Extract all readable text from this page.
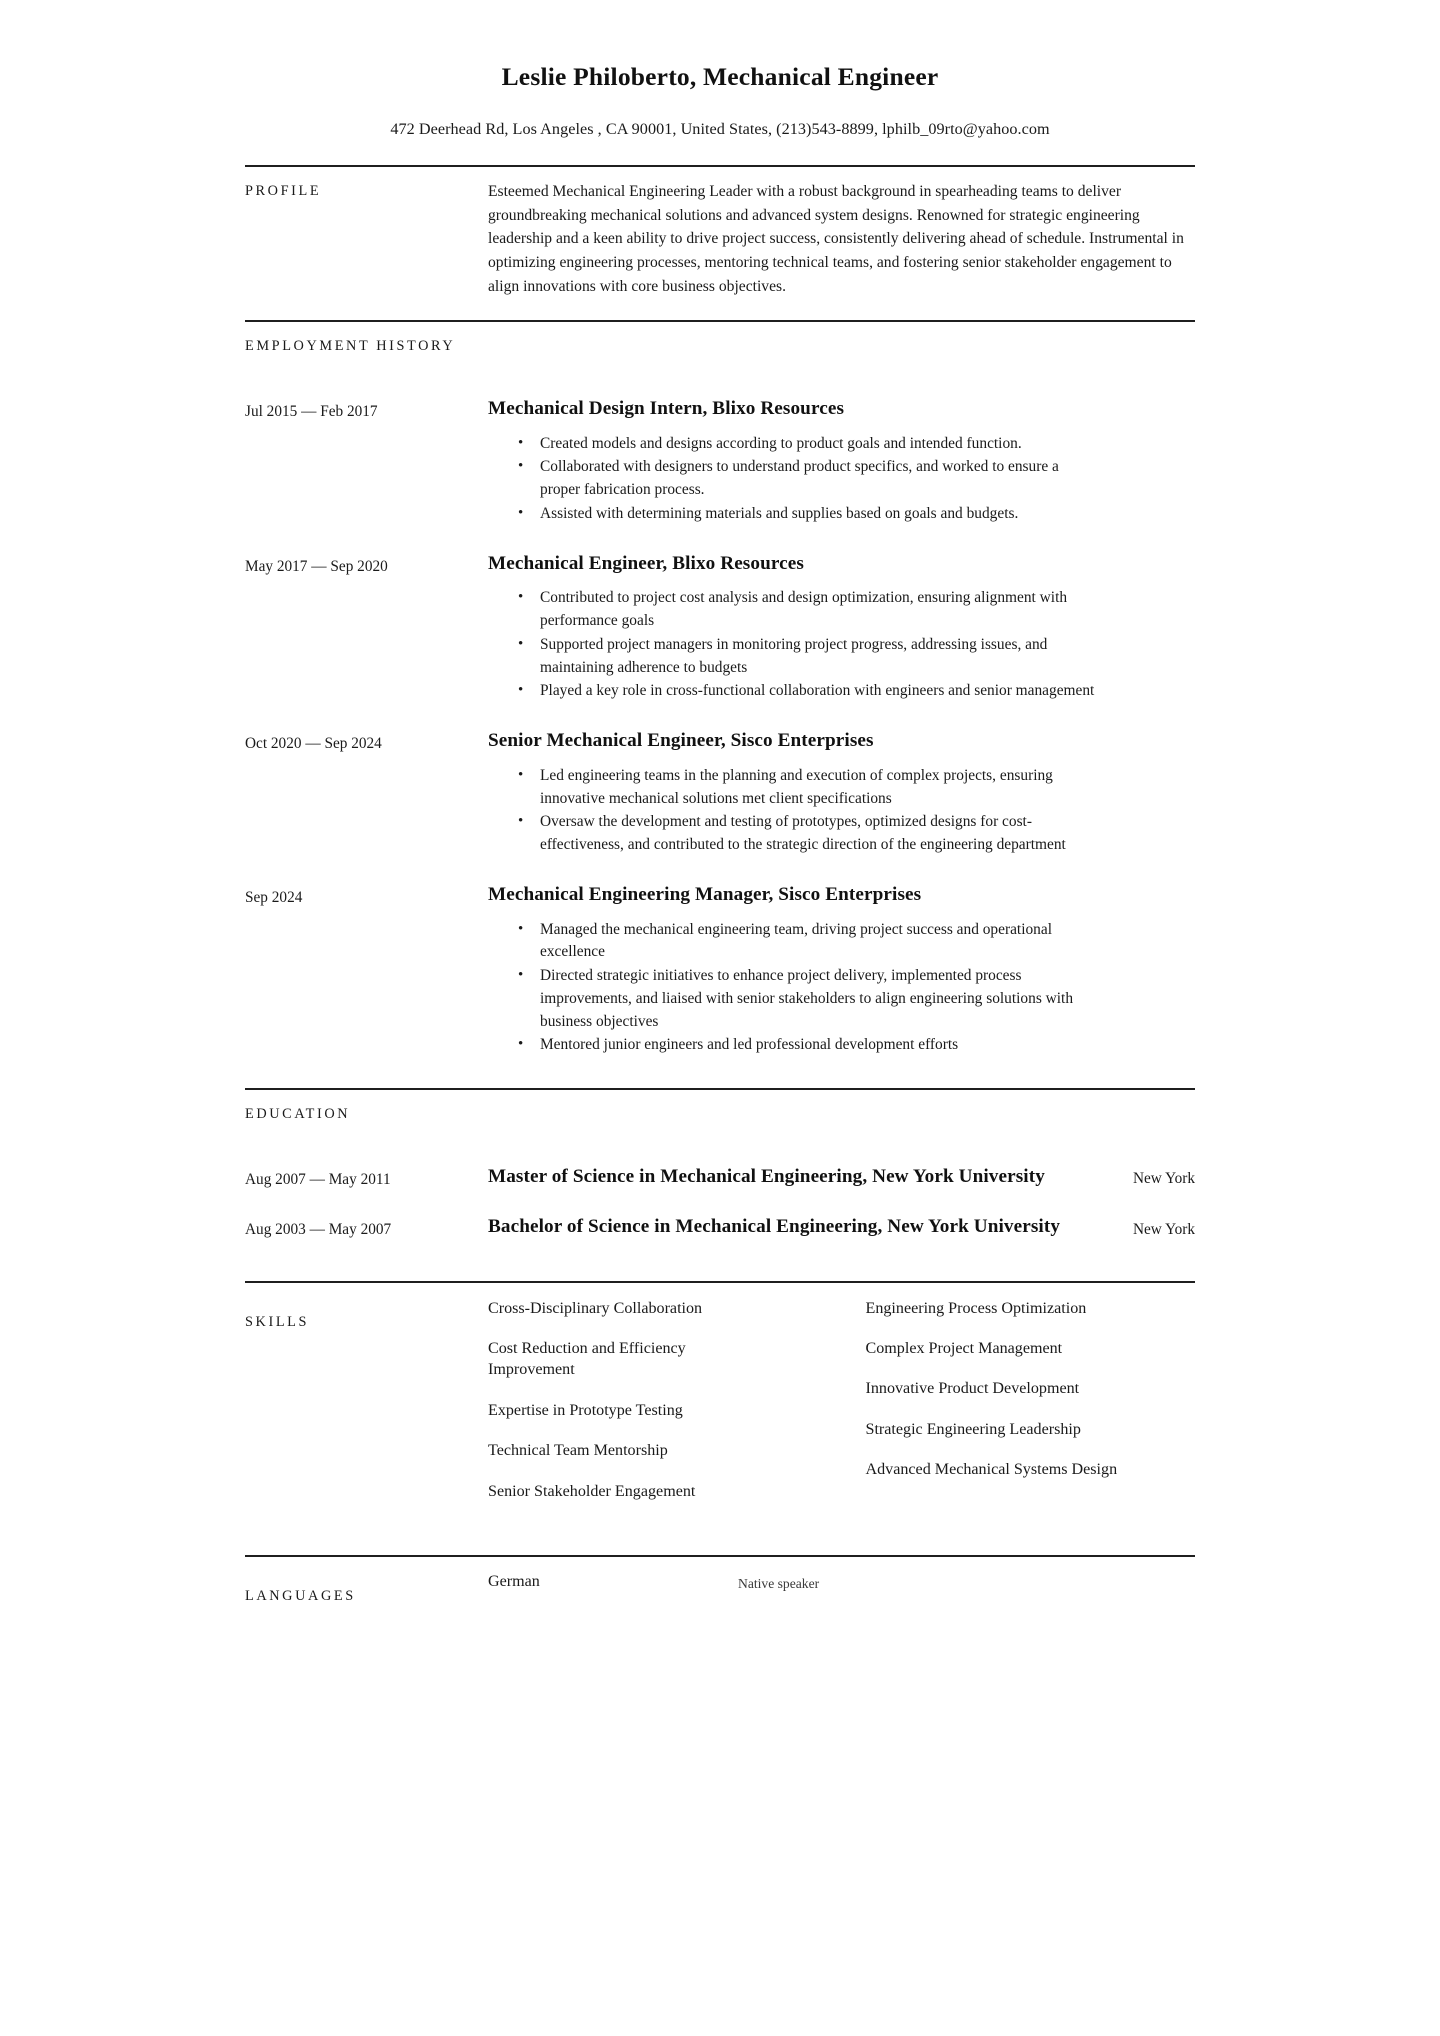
Leslie Philoberto, Mechanical Engineer
472 Deerhead Rd, Los Angeles , CA 90001, United States, (213)543-8899, lphilb_09rto@yahoo.com
PROFILE	Esteemed Mechanical Engineering Leader with a robust background in spearheading teams to deliver groundbreaking mechanical solutions and advanced system designs. Renowned for strategic engineering leadership and a keen ability to drive project success, consistently delivering ahead of schedule. Instrumental in optimizing engineering processes, mentoring technical teams, and fostering senior stakeholder engagement to align innovations with core business objectives.
EMPLOYMENT HISTORY
Jul 2015 — Feb 2017	Mechanical Design Intern, Blixo Resources
• Created models and designs according to product goals and intended function.
• Collaborated with designers to understand product specifics, and worked to ensure a proper fabrication process.
• Assisted with determining materials and supplies based on goals and budgets.
May 2017 — Sep 2020	Mechanical Engineer, Blixo Resources
• Contributed to project cost analysis and design optimization, ensuring alignment with performance goals
• Supported project managers in monitoring project progress, addressing issues, and maintaining adherence to budgets
• Played a key role in cross-functional collaboration with engineers and senior management
Oct 2020 — Sep 2024	Senior Mechanical Engineer, Sisco Enterprises
• Led engineering teams in the planning and execution of complex projects, ensuring innovative mechanical solutions met client specifications
• Oversaw the development and testing of prototypes, optimized designs for cost-effectiveness, and contributed to the strategic direction of the engineering department
Sep 2024	Mechanical Engineering Manager, Sisco Enterprises
• Managed the mechanical engineering team, driving project success and operational excellence
• Directed strategic initiatives to enhance project delivery, implemented process improvements, and liaised with senior stakeholders to align engineering solutions with business objectives
• Mentored junior engineers and led professional development efforts
EDUCATION
Aug 2007 — May 2011	Master of Science in Mechanical Engineering, New York University	New York
Aug 2003 — May 2007	Bachelor of Science in Mechanical Engineering, New York University	New York
SKILLS
Cross-Disciplinary Collaboration
Cost Reduction and Efficiency Improvement
Expertise in Prototype Testing
Technical Team Mentorship
Senior Stakeholder Engagement
Engineering Process Optimization
Complex Project Management
Innovative Product Development
Strategic Engineering Leadership
Advanced Mechanical Systems Design
LANGUAGES
German	Native speaker
